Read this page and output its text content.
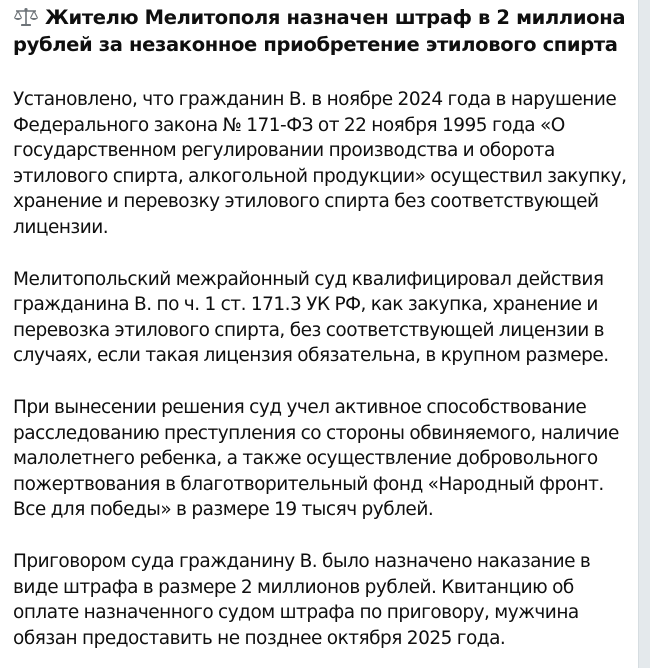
Жителю Мелитополя назначен штраф в 2 миллиона рублей за незаконное приобретение этилового спирта

Установлено, что гражданин В. в ноябре 2024 года в нарушение Федерального закона № 171-ФЗ от 22 ноября 1995 года «О государственном регулировании производства и оборота этилового спирта, алкогольной продукции» осуществил закупку, хранение и перевозку этилового спирта без соответствующей лицензии.

Мелитопольский межрайонный суд квалифицировал действия гражданина В. по ч. 1 ст. 171.3 УК РФ, как закупка, хранение и перевозка этилового спирта, без соответствующей лицензии в случаях, если такая лицензия обязательна, в крупном размере.

При вынесении решения суд учел активное способствование расследованию преступления со стороны обвиняемого, наличие малолетнего ребенка, а также осуществление добровольного пожертвования в благотворительный фонд «Народный фронт. Все для победы» в размере 19 тысяч рублей.

Приговором суда гражданину В. было назначено наказание в виде штрафа в размере 2 миллионов рублей. Квитанцию об оплате назначенного судом штрафа по приговору, мужчина обязан предоставить не позднее октября 2025 года.
